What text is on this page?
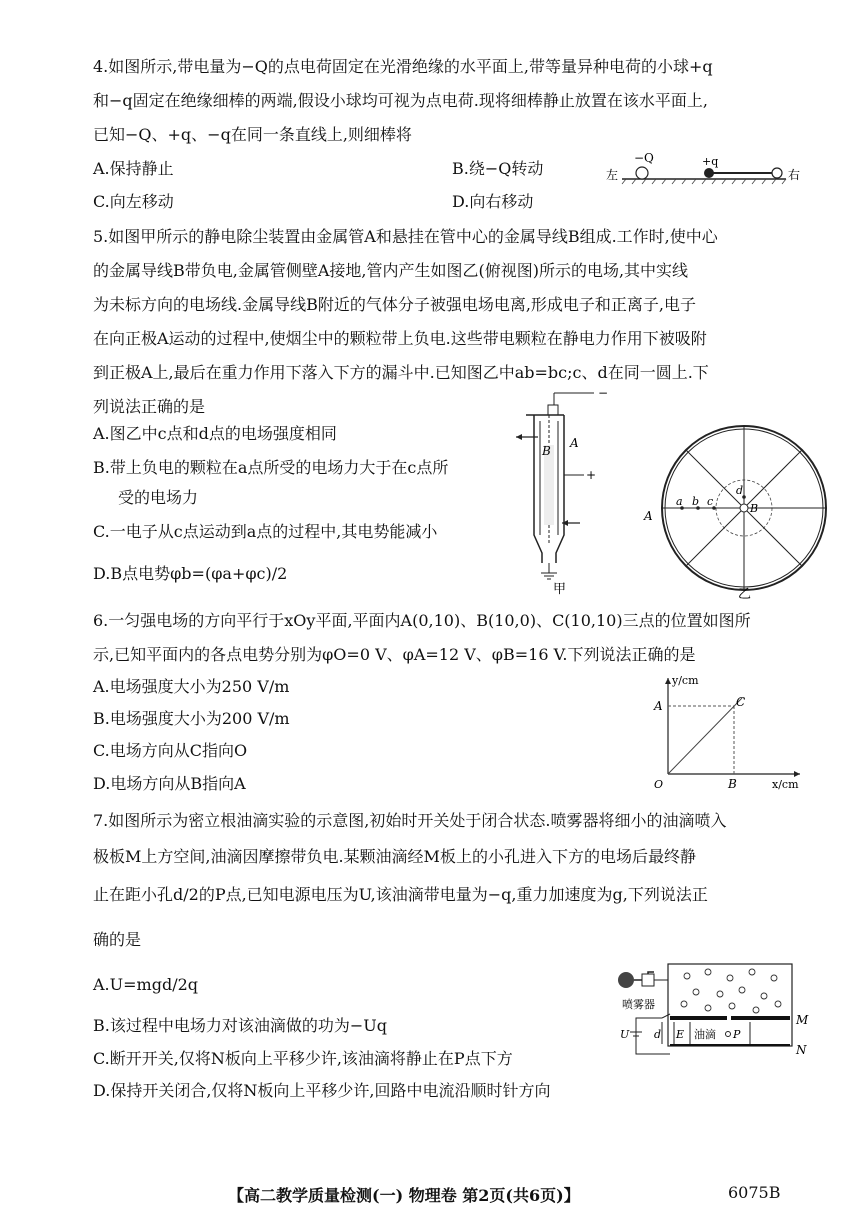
4.如图所示,带电量为−Q的点电荷固定在光滑绝缘的水平面上,带等量异种电荷的小球+q
和−q固定在绝缘细棒的两端,假设小球均可视为点电荷.现将细棒静止放置在该水平面上,
已知−Q、+q、−q在同一条直线上,则细棒将
A.保持静止	B.绕−Q转动
C.向左移动	D.向右移动
左
−Q	+q
右
5.如图甲所示的静电除尘装置由金属管A和悬挂在管中心的金属导线B组成.工作时,使中心
的金属导线B带负电,金属管侧壁A接地,管内产生如图乙(俯视图)所示的电场,其中实线
为未标方向的电场线.金属导线B附近的气体分子被强电场电离,形成电子和正离子,电子
在向正极A运动的过程中,使烟尘中的颗粒带上负电.这些带电颗粒在静电力作用下被吸附
到正极A上,最后在重力作用下落入下方的漏斗中.已知图乙中ab=bc;c、d在同一圆上.下
列说法正确的是
A.图乙中c点和d点的电场强度相同
B.带上负电的颗粒在a点所受的电场力大于在c点所
受的电场力
C.一电子从c点运动到a点的过程中,其电势能减小
D.B点电势φb=(φa+φc)/2
−
B
A
+
甲
A
a b c
d
B
乙
6.一匀强电场的方向平行于xOy平面,平面内A(0,10)、B(10,0)、C(10,10)三点的位置如图所
示,已知平面内的各点电势分别为φO=0 V、φA=12 V、φB=16 V.下列说法正确的是
A.电场强度大小为250 V/m
B.电场强度大小为200 V/m
C.电场方向从C指向O
D.电场方向从B指向A
y/cm
x/cm
O
A
B
C
7.如图所示为密立根油滴实验的示意图,初始时开关处于闭合状态.喷雾器将细小的油滴喷入
极板M上方空间,油滴因摩擦带负电.某颗油滴经M板上的小孔进入下方的电场后最终静
止在距小孔d/2的P点,已知电源电压为U,该油滴带电量为−q,重力加速度为g,下列说法正
确的是
A.U=mgd/2q
B.该过程中电场力对该油滴做的功为−Uq
C.断开开关,仅将N板向上平移少许,该油滴将静止在P点下方
D.保持开关闭合,仅将N板向上平移少许,回路中电流沿顺时针方向
M
N
E 油滴 P
喷雾器
U d
【高二教学质量检测(一) 物理卷 第2页(共6页)】	6075B
